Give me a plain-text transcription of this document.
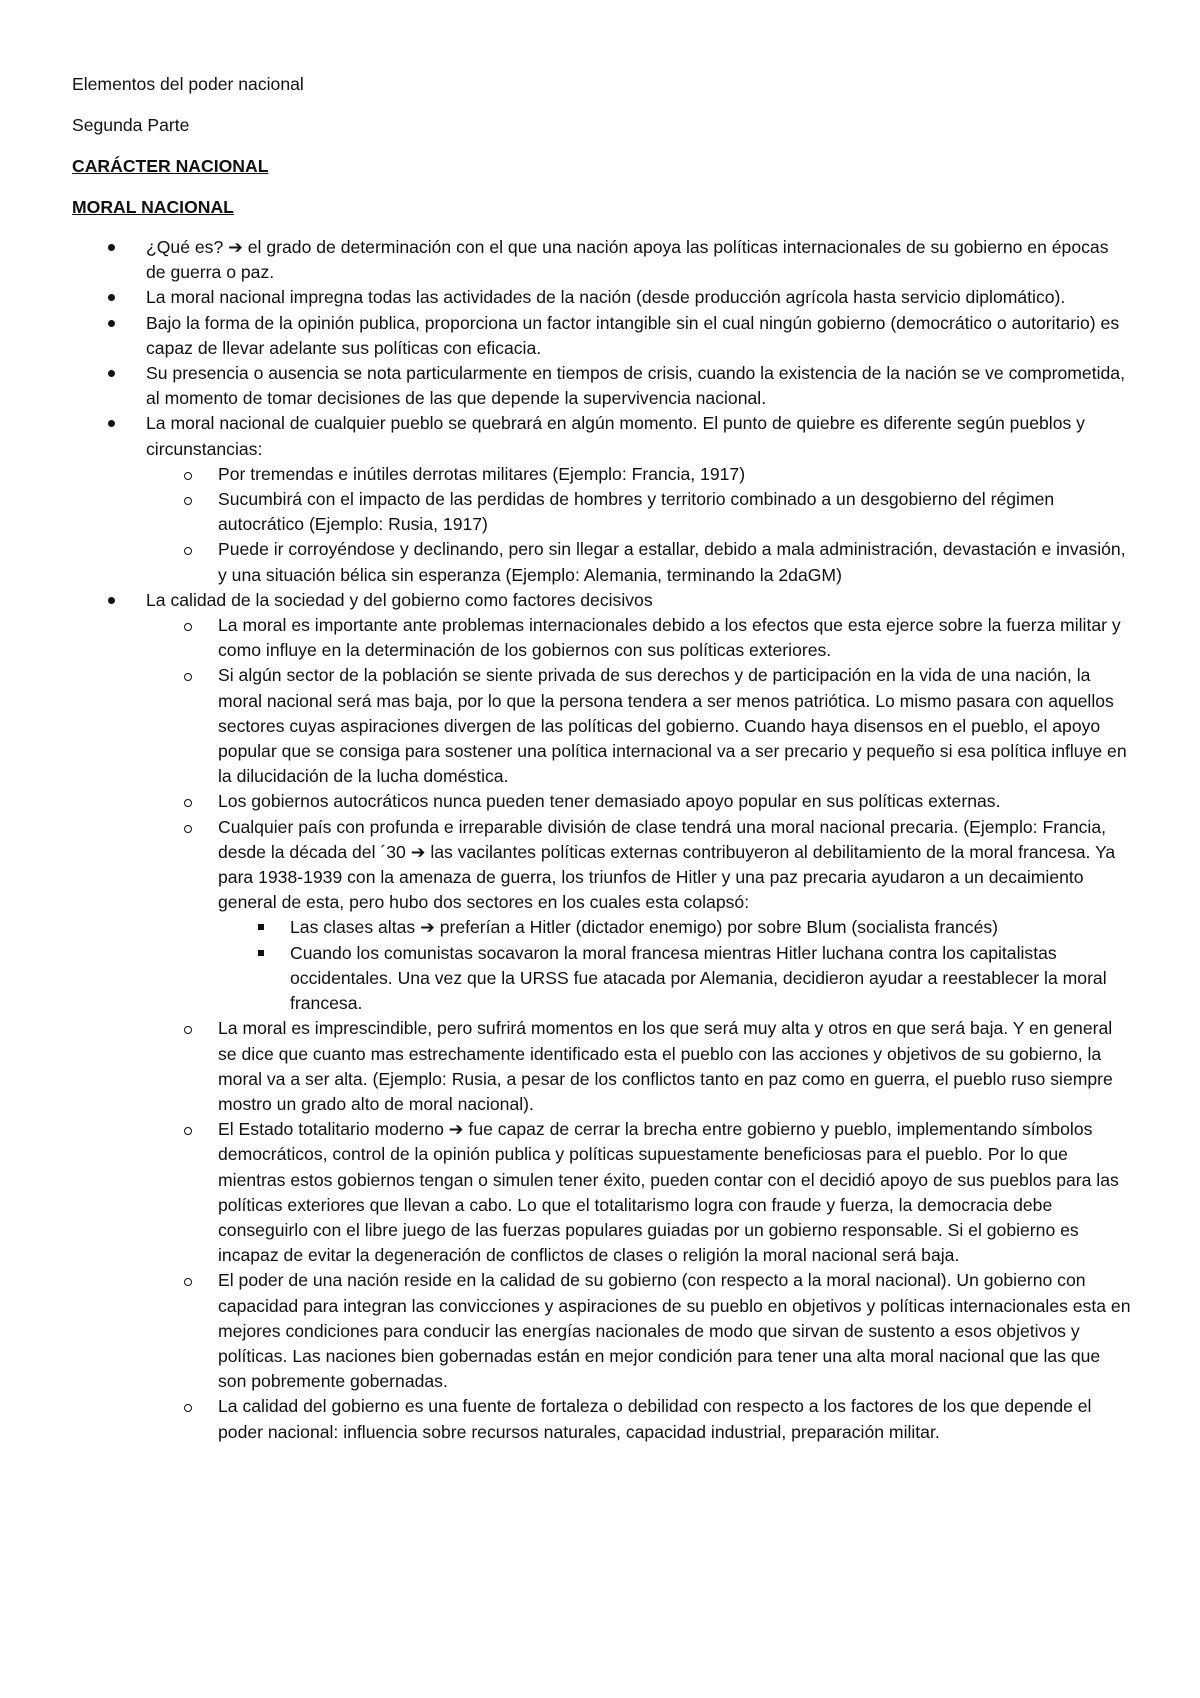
Elementos del poder nacional

Segunda Parte

CARÁCTER NACIONAL

MORAL NACIONAL

¿Qué es? ➔ el grado de determinación con el que una nación apoya las políticas internacionales de su gobierno en épocas de guerra o paz.
La moral nacional impregna todas las actividades de la nación (desde producción agrícola hasta servicio diplomático).
Bajo la forma de la opinión publica, proporciona un factor intangible sin el cual ningún gobierno (democrático o autoritario) es capaz de llevar adelante sus políticas con eficacia.
Su presencia o ausencia se nota particularmente en tiempos de crisis, cuando la existencia de la nación se ve comprometida, al momento de tomar decisiones de las que depende la supervivencia nacional.
La moral nacional de cualquier pueblo se quebrará en algún momento. El punto de quiebre es diferente según pueblos y circunstancias:
Por tremendas e inútiles derrotas militares (Ejemplo: Francia, 1917)
Sucumbirá con el impacto de las perdidas de hombres y territorio combinado a un desgobierno del régimen autocrático (Ejemplo: Rusia, 1917)
Puede ir corroyéndose y declinando, pero sin llegar a estallar, debido a mala administración, devastación e invasión, y una situación bélica sin esperanza (Ejemplo: Alemania, terminando la 2daGM)
La calidad de la sociedad y del gobierno como factores decisivos
La moral es importante ante problemas internacionales debido a los efectos que esta ejerce sobre la fuerza militar y como influye en la determinación de los gobiernos con sus políticas exteriores.
Si algún sector de la población se siente privada de sus derechos y de participación en la vida de una nación, la moral nacional será mas baja, por lo que la persona tendera a ser menos patriótica. Lo mismo pasara con aquellos sectores cuyas aspiraciones divergen de las políticas del gobierno. Cuando haya disensos en el pueblo, el apoyo popular que se consiga para sostener una política internacional va a ser precario y pequeño si esa política influye en la dilucidación de la lucha doméstica.
Los gobiernos autocráticos nunca pueden tener demasiado apoyo popular en sus políticas externas.
Cualquier país con profunda e irreparable división de clase tendrá una moral nacional precaria. (Ejemplo: Francia, desde la década del ´30 ➔ las vacilantes políticas externas contribuyeron al debilitamiento de la moral francesa. Ya para 1938-1939 con la amenaza de guerra, los triunfos de Hitler y una paz precaria ayudaron a un decaimiento general de esta, pero hubo dos sectores en los cuales esta colapsó:
Las clases altas ➔ preferían a Hitler (dictador enemigo) por sobre Blum (socialista francés)
Cuando los comunistas socavaron la moral francesa mientras Hitler luchana contra los capitalistas occidentales. Una vez que la URSS fue atacada por Alemania, decidieron ayudar a reestablecer la moral francesa.
La moral es imprescindible, pero sufrirá momentos en los que será muy alta y otros en que será baja. Y en general se dice que cuanto mas estrechamente identificado esta el pueblo con las acciones y objetivos de su gobierno, la moral va a ser alta. (Ejemplo: Rusia, a pesar de los conflictos tanto en paz como en guerra, el pueblo ruso siempre mostro un grado alto de moral nacional).
El Estado totalitario moderno ➔ fue capaz de cerrar la brecha entre gobierno y pueblo, implementando símbolos democráticos, control de la opinión publica y políticas supuestamente beneficiosas para el pueblo. Por lo que mientras estos gobiernos tengan o simulen tener éxito, pueden contar con el decidió apoyo de sus pueblos para las políticas exteriores que llevan a cabo. Lo que el totalitarismo logra con fraude y fuerza, la democracia debe conseguirlo con el libre juego de las fuerzas populares guiadas por un gobierno responsable. Si el gobierno es incapaz de evitar la degeneración de conflictos de clases o religión la moral nacional será baja.
El poder de una nación reside en la calidad de su gobierno (con respecto a la moral nacional). Un gobierno con capacidad para integran las convicciones y aspiraciones de su pueblo en objetivos y políticas internacionales esta en mejores condiciones para conducir las energías nacionales de modo que sirvan de sustento a esos objetivos y políticas. Las naciones bien gobernadas están en mejor condición para tener una alta moral nacional que las que son pobremente gobernadas.
La calidad del gobierno es una fuente de fortaleza o debilidad con respecto a los factores de los que depende el poder nacional: influencia sobre recursos naturales, capacidad industrial, preparación militar.
